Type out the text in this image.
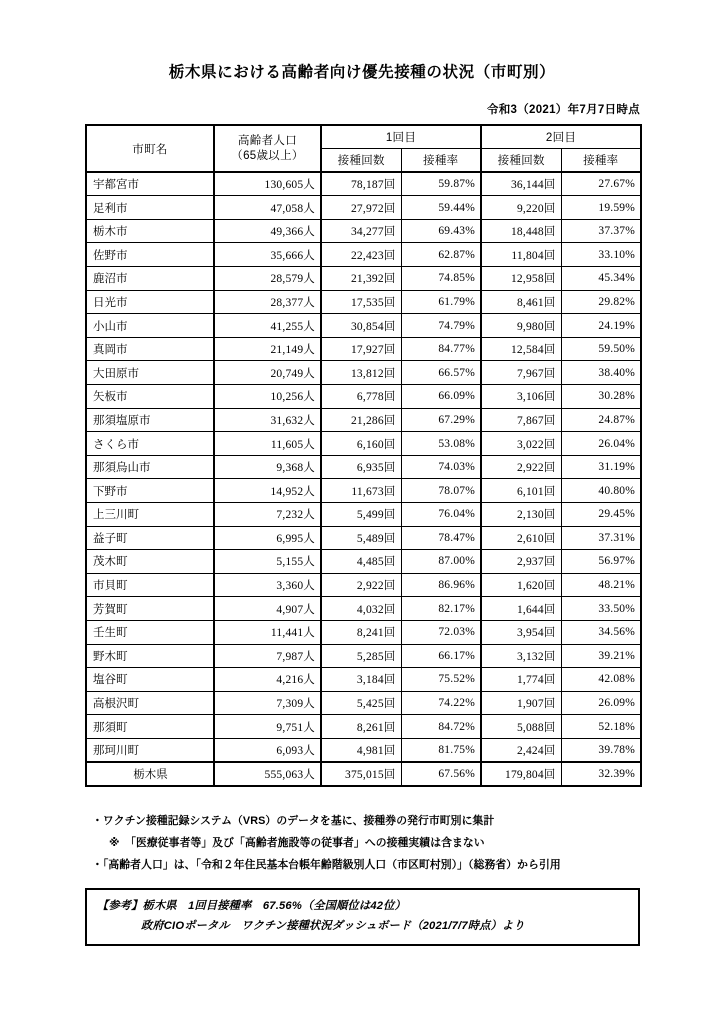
栃木県における高齢者向け優先接種の状況（市町別）
令和3（2021）年7月7日時点
市町名	高齢者人口
（65歳以上）	1回目		2回目	
		接種回数	接種率	接種回数	接種率
宇都宮市	130,605人	78,187回	59.87%	36,144回	27.67%
足利市	47,058人	27,972回	59.44%	9,220回	19.59%
栃木市	49,366人	34,277回	69.43%	18,448回	37.37%
佐野市	35,666人	22,423回	62.87%	11,804回	33.10%
鹿沼市	28,579人	21,392回	74.85%	12,958回	45.34%
日光市	28,377人	17,535回	61.79%	8,461回	29.82%
小山市	41,255人	30,854回	74.79%	9,980回	24.19%
真岡市	21,149人	17,927回	84.77%	12,584回	59.50%
大田原市	20,749人	13,812回	66.57%	7,967回	38.40%
矢板市	10,256人	6,778回	66.09%	3,106回	30.28%
那須塩原市	31,632人	21,286回	67.29%	7,867回	24.87%
さくら市	11,605人	6,160回	53.08%	3,022回	26.04%
那須烏山市	9,368人	6,935回	74.03%	2,922回	31.19%
下野市	14,952人	11,673回	78.07%	6,101回	40.80%
上三川町	7,232人	5,499回	76.04%	2,130回	29.45%
益子町	6,995人	5,489回	78.47%	2,610回	37.31%
茂木町	5,155人	4,485回	87.00%	2,937回	56.97%
市貝町	3,360人	2,922回	86.96%	1,620回	48.21%
芳賀町	4,907人	4,032回	82.17%	1,644回	33.50%
壬生町	11,441人	8,241回	72.03%	3,954回	34.56%
野木町	7,987人	5,285回	66.17%	3,132回	39.21%
塩谷町	4,216人	3,184回	75.52%	1,774回	42.08%
高根沢町	7,309人	5,425回	74.22%	1,907回	26.09%
那須町	9,751人	8,261回	84.72%	5,088回	52.18%
那珂川町	6,093人	4,981回	81.75%	2,424回	39.78%
栃木県	555,063人	375,015回	67.56%	179,804回	32.39%
・ワクチン接種記録システム（VRS）のデータを基に、接種券の発行市町別に集計
※　「医療従事者等」及び「高齢者施設等の従事者」への接種実績は含まない
・「高齢者人口」は、「令和２年住民基本台帳年齢階級別人口（市区町村別）」（総務省）から引用
【参考】栃木県　1回目接種率　67.56%（全国順位は42位）
政府CIOポータル　ワクチン接種状況ダッシュボード（2021/7/7時点）より
